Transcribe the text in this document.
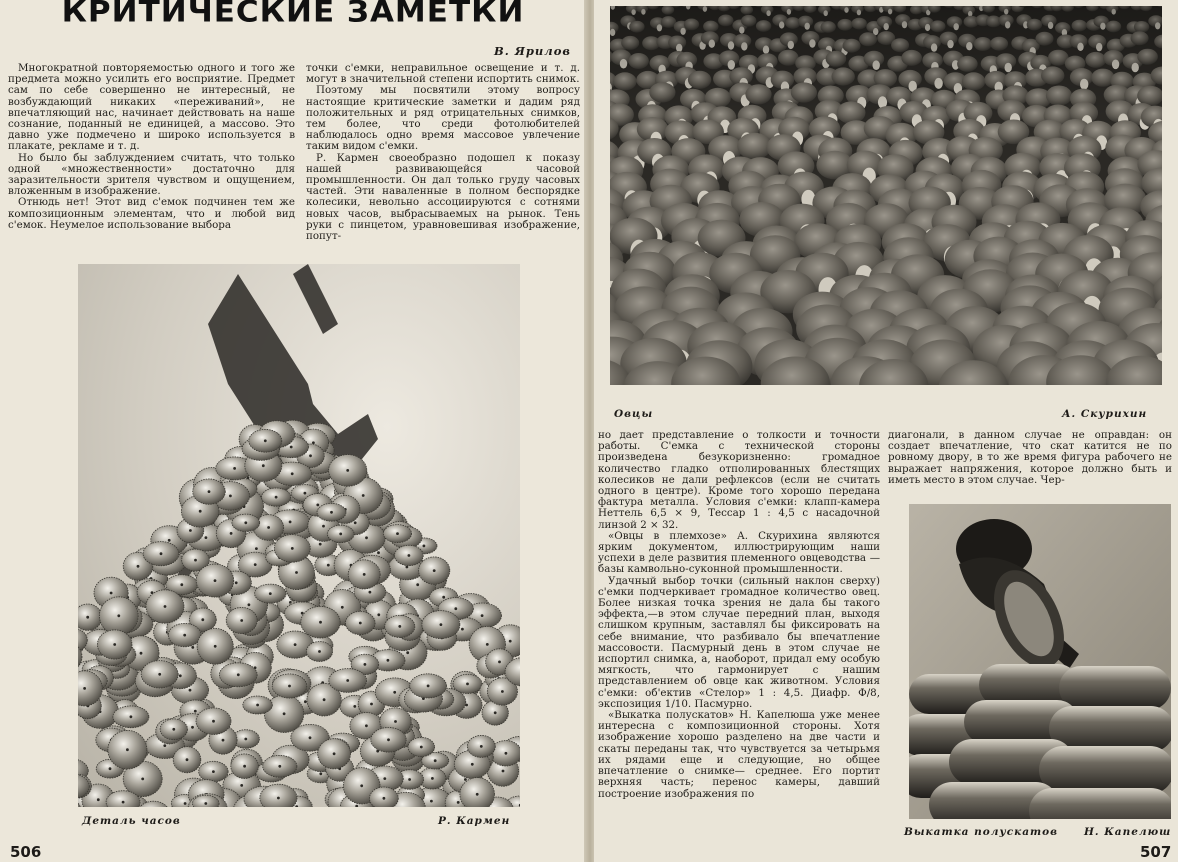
КРИТИЧЕСКИЕ ЗАМЕТКИ
В. Ярилов

Многократной повторяемостью одного и того же предмета можно усилить его восприятие. Предмет сам по себе совершенно не интересный, не возбуждающий никаких «переживаний», не впечатляющий нас, начинает действовать на наше сознание, поданный не единицей, а массово. Это давно уже подмечено и широко используется в плакате, рекламе и т. д.

Но было бы заблуждением считать, что только одной «множественности» достаточно для заразительности зрителя чувством и ощущением, вложенным в изображение.

Отнюдь нет! Этот вид с'емок подчинен тем же композиционным элементам, что и любой вид с'емок. Неумелое использование выбора

точки с'емки, неправильное освещение и т. д. могут в значительной степени испортить снимок.

Поэтому мы посвятили этому вопросу настоящие критические заметки и дадим ряд положительных и ряд отрицательных снимков, тем более, что среди фотолюбителей наблюдалось одно время массовое увлечение таким видом с'емки.

Р. Кармен своеобразно подошел к показу нашей развивающейся часовой промышленности. Он дал только груду часовых частей. Эти наваленные в полном беспорядке колесики, невольно ассоциируются с сотнями новых часов, выбрасываемых на рынок. Тень руки с пинцетом, уравновешивая изображение, попут-

Деталь часов	Р. Кармен
506
Овцы	А. Скурихин

но дает представление о толкости и точности работы. С'емка с технической стороны произведена безукоризненно: громадное количество гладко отполированных блестящих колесиков не дали рефлексов (если не считать одного в центре). Кроме того хорошо передана фактура металла. Условия с'емки: клапп-камера Неттель 6,5 × 9, Тессар 1 : 4,5 с насадочной линзой 2 × 32.

«Овцы в племхозе» А. Скурихина являются ярким документом, иллюстрирующим наши успехи в деле развития племенного овцеводства — базы камвольно-суконной промышленности.

Удачный выбор точки (сильный наклон сверху) с'емки подчеркивает громадное количество овец. Более низкая точка зрения не дала бы такого эффекта,—в этом случае передний план, выходя слишком крупным, заставлял бы фиксировать на себе внимание, что разбивало бы впечатление массовости. Пасмурный день в этом случае не испортил снимка, а, наоборот, придал ему особую мягкость, что гармонирует с нашим представлением об овце как животном. Условия с'емки: об'ектив «Стелор» 1 : 4,5. Диафр. Ф/8, экспозиция 1/10. Пасмурно.

«Выкатка полускатов» Н. Капелюша уже менее интересна с композиционной стороны. Хотя изображение хорошо разделено на две части и скаты переданы так, что чувствуется за четырьмя их рядами еще и следующие, но общее впечатление о снимке— среднее. Его портит верхняя часть; перенос камеры, давший построение изображения по

диагонали, в данном случае не оправдан: он создает впечатление, что скат катится не по ровному двору, в то же время фигура рабочего не выражает напряжения, которое должно быть и иметь место в этом случае. Чер-

Выкатка полускатов Н. Капелюш
507
